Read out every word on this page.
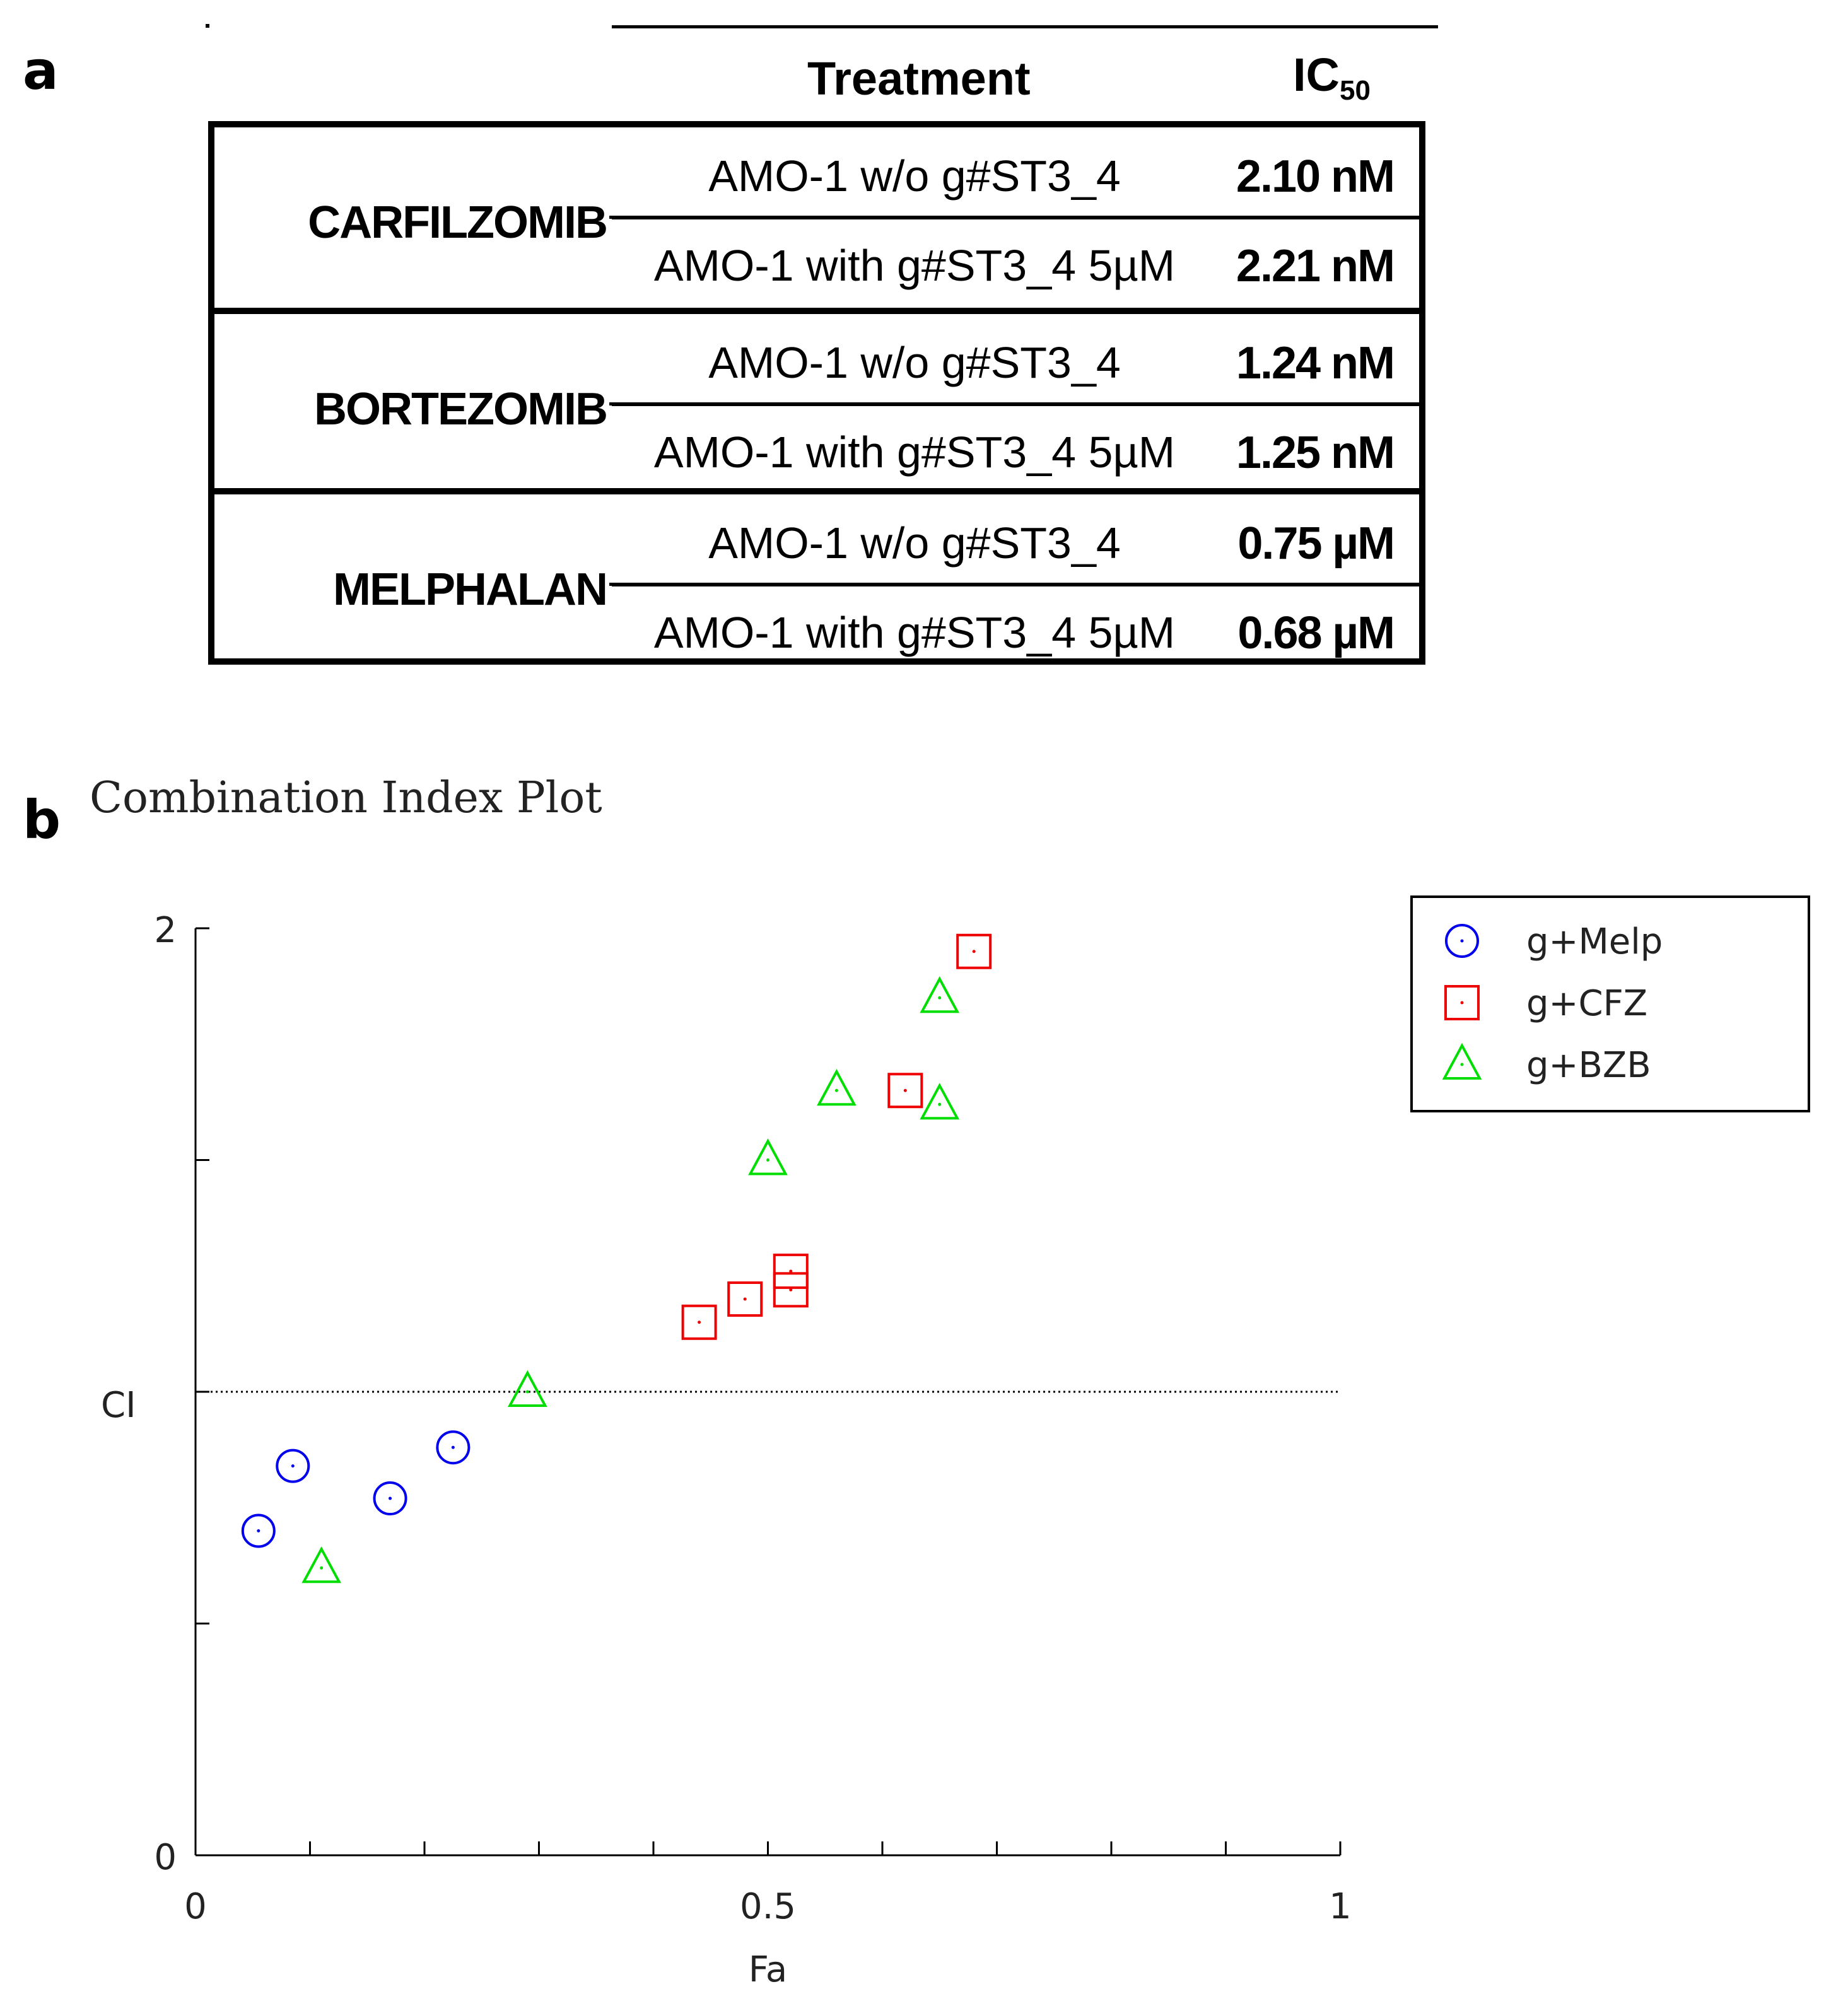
a	Treatment	$IC_{50}$
CARFILZOMIB
AMO-1 w/o g#ST3_4	2.10 nM
AMO-1 with g#ST3_4 5µM	2.21 nM
BORTEZOMIB
AMO-1 w/o g#ST3_4	1.24 nM
AMO-1 with g#ST3_4 5µM	1.25 nM
MELPHALAN
AMO-1 w/o g#ST3_4	0.75 µM
AMO-1 with g#ST3_4 5µM	0.68 µM
b Combination Index Plot
0
2
0	0.5	1
CI
Fa
g+Melp
g+CFZ
g+BZB
